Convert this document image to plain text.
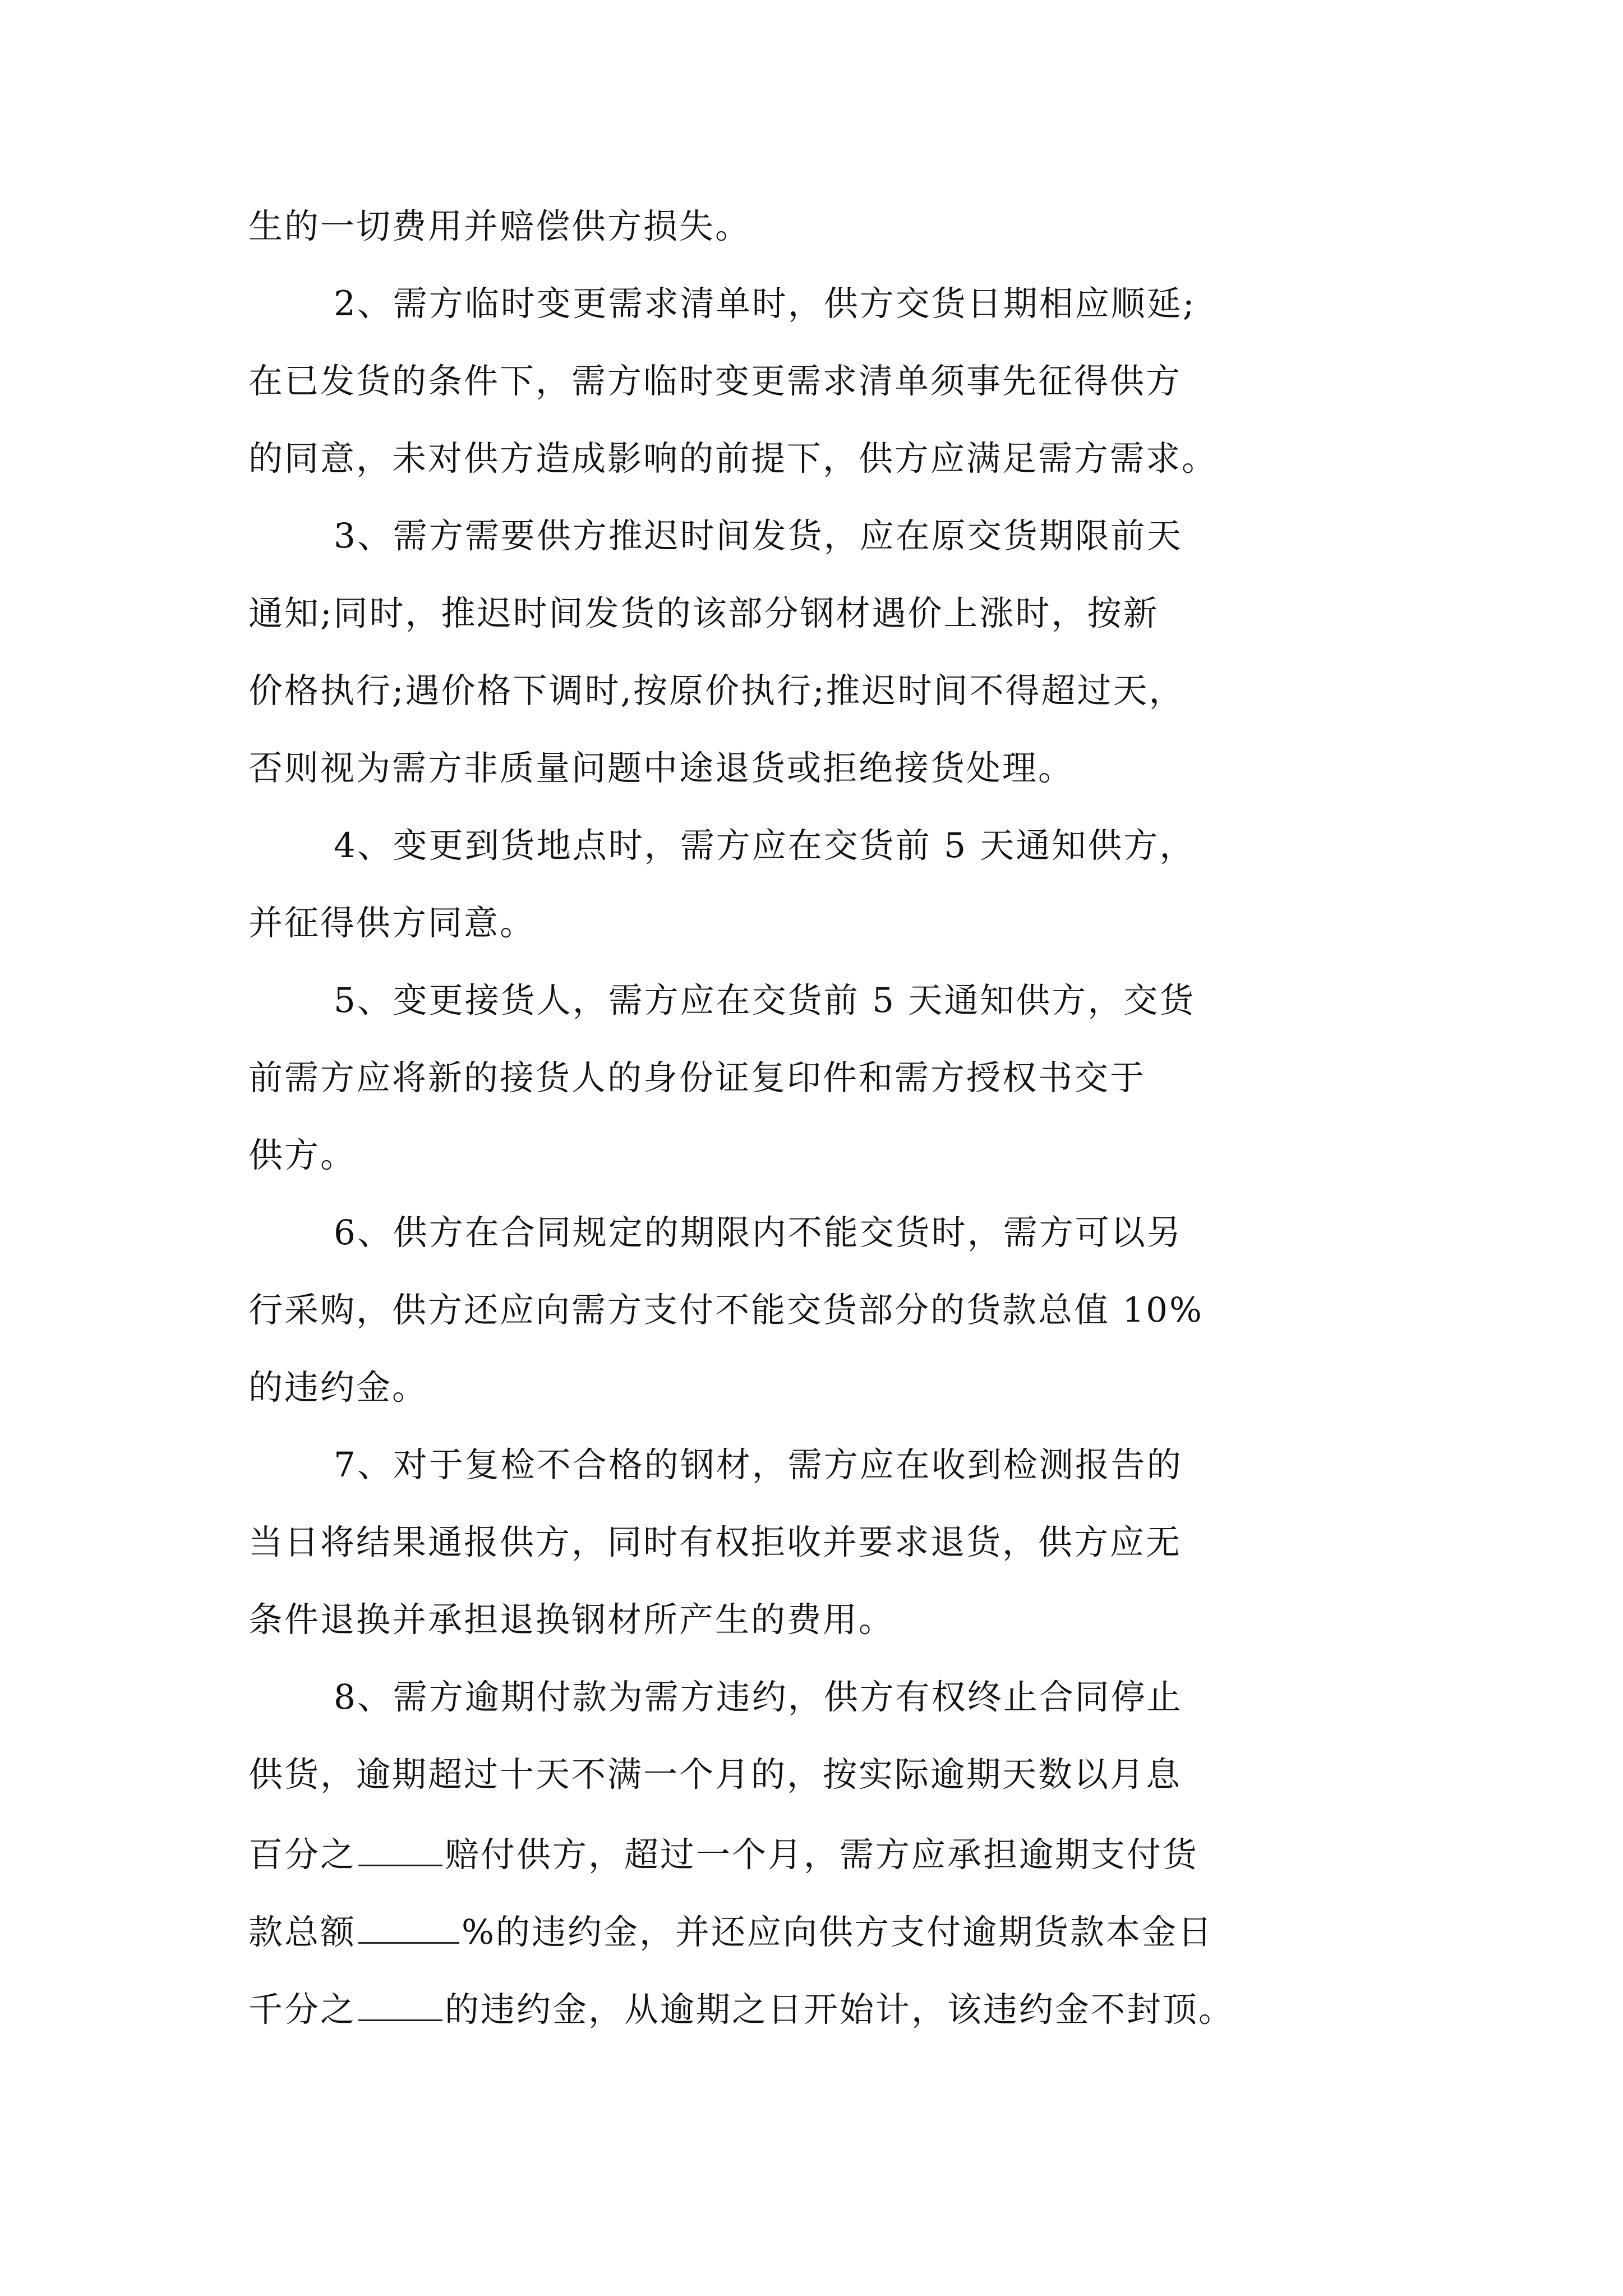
生的一切费用并赔偿供方损失。
2、需方临时变更需求清单时，供方交货日期相应顺延;
在已发货的条件下，需方临时变更需求清单须事先征得供方
的同意，未对供方造成影响的前提下，供方应满足需方需求。
3、需方需要供方推迟时间发货，应在原交货期限前天
通知;同时，推迟时间发货的该部分钢材遇价上涨时，按新
价格执行;遇价格下调时,按原价执行;推迟时间不得超过天，
否则视为需方非质量问题中途退货或拒绝接货处理。
4、变更到货地点时，需方应在交货前 5 天通知供方，
并征得供方同意。
5、变更接货人，需方应在交货前 5 天通知供方，交货
前需方应将新的接货人的身份证复印件和需方授权书交于
供方。
6、供方在合同规定的期限内不能交货时，需方可以另
行采购，供方还应向需方支付不能交货部分的货款总值 10%
的违约金。
7、对于复检不合格的钢材，需方应在收到检测报告的
当日将结果通报供方，同时有权拒收并要求退货，供方应无
条件退换并承担退换钢材所产生的费用。
8、需方逾期付款为需方违约，供方有权终止合同停止
供货，逾期超过十天不满一个月的，按实际逾期天数以月息
百分之	赔付供方，超过一个月，需方应承担逾期支付货
款总额	%的违约金，并还应向供方支付逾期货款本金日
千分之	的违约金，从逾期之日开始计，该违约金不封顶。
